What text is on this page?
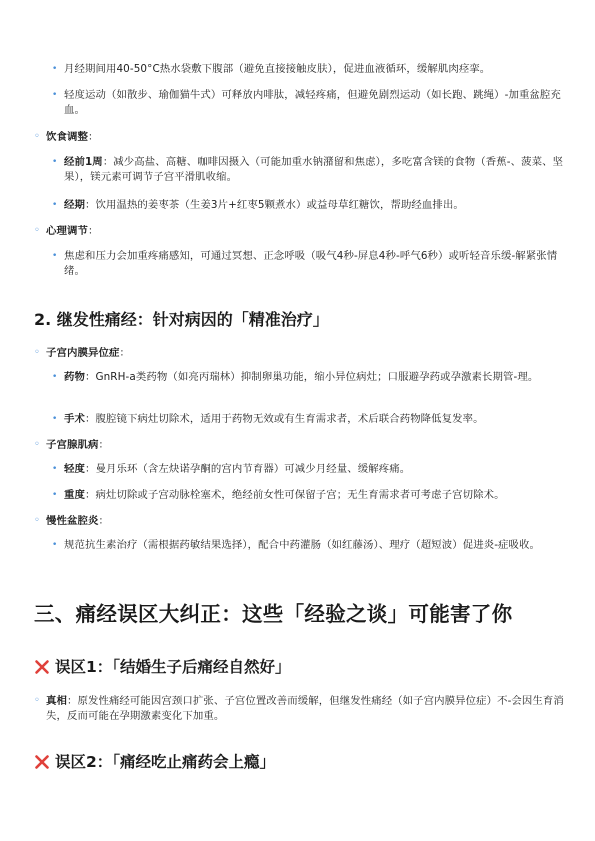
• 月经期间用40-50°C热水袋敷下腹部（避免直接接触皮肤），促进血液循环，缓解肌肉痉挛。
• 轻度运动（如散步、瑜伽猫牛式）可释放内啡肽，减轻疼痛，但避免剧烈运动（如长跑、跳绳）-加重盆腔充血。
◦ 饮食调整：
• 经前1周：减少高盐、高糖、咖啡因摄入（可能加重水钠潴留和焦虑），多吃富含镁的食物（香蕉-、菠菜、坚果），镁元素可调节子宫平滑肌收缩。
• 经期：饮用温热的姜枣茶（生姜3片+红枣5颗煮水）或益母草红糖饮，帮助经血排出。
◦ 心理调节：
• 焦虑和压力会加重疼痛感知，可通过冥想、正念呼吸（吸气4秒-屏息4秒-呼气6秒）或听轻音乐缓-解紧张情绪。
2. 继发性痛经：针对病因的「精准治疗」
◦ 子宫内膜异位症：
• 药物：GnRH-a类药物（如亮丙瑞林）抑制卵巢功能，缩小异位病灶；口服避孕药或孕激素长期管-理。
• 手术：腹腔镜下病灶切除术，适用于药物无效或有生育需求者，术后联合药物降低复发率。
◦ 子宫腺肌病：
• 轻度：曼月乐环（含左炔诺孕酮的宫内节育器）可减少月经量、缓解疼痛。
• 重度：病灶切除或子宫动脉栓塞术，绝经前女性可保留子宫；无生育需求者可考虑子宫切除术。
◦ 慢性盆腔炎：
• 规范抗生素治疗（需根据药敏结果选择），配合中药灌肠（如红藤汤）、理疗（超短波）促进炎-症吸收。
三、痛经误区大纠正：这些「经验之谈」可能害了你
误区1：「结婚生子后痛经自然好」
◦ 真相：原发性痛经可能因宫颈口扩张、子宫位置改善而缓解，但继发性痛经（如子宫内膜异位症）不-会因生育消失，反而可能在孕期激素变化下加重。
误区2：「痛经吃止痛药会上瘾」
